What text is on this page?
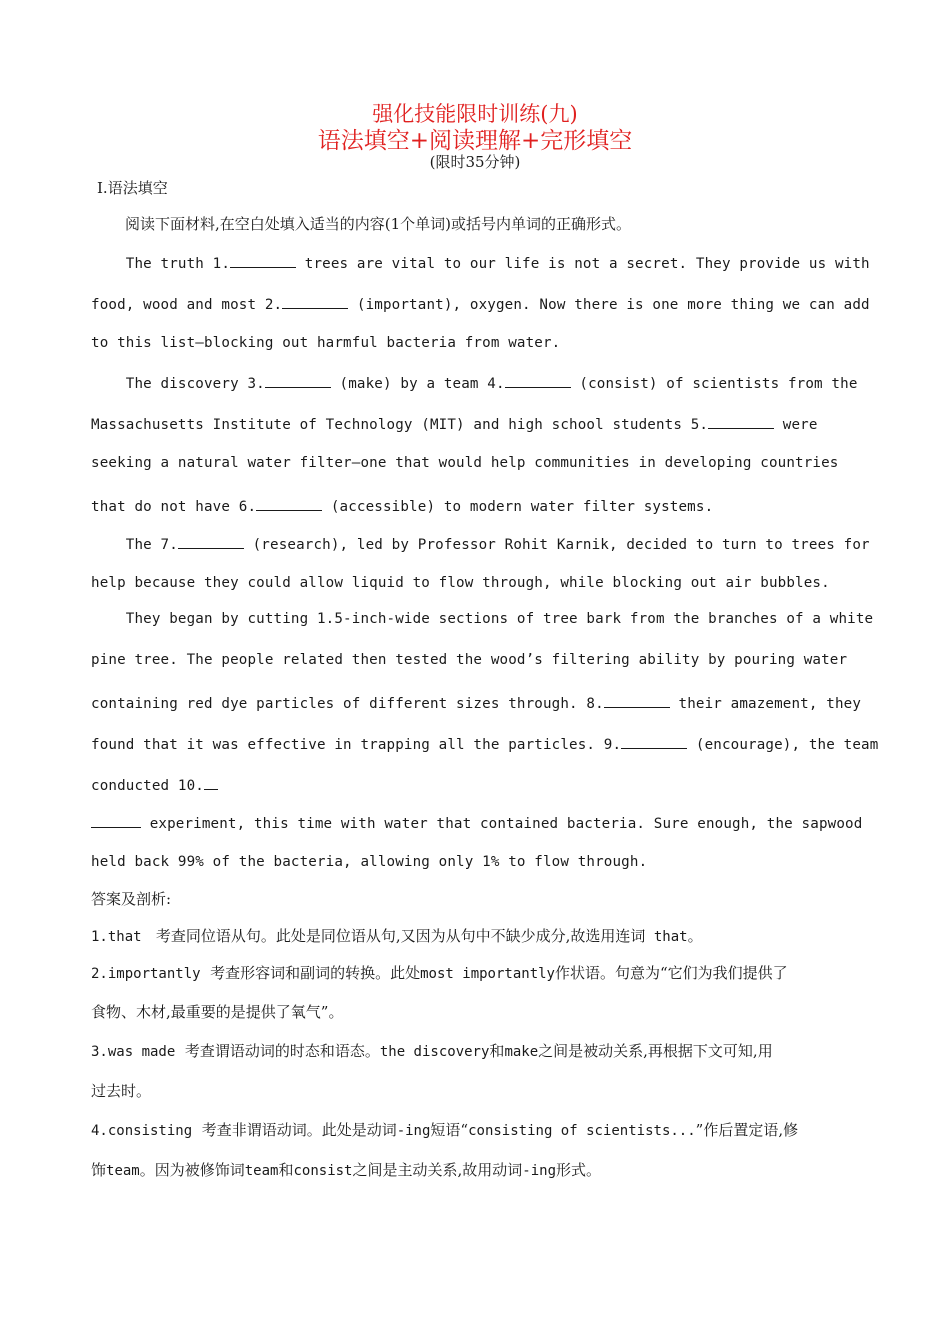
强化技能限时训练(九)
语法填空+阅读理解+完形填空
(限时35分钟)
Ⅰ.语法填空
阅读下面材料,在空白处填入适当的内容(1个单词)或括号内单词的正确形式。
The truth 1.	trees are vital to our life is not a secret. They provide us with
food, wood and most 2.	(important), oxygen. Now there is one more thing we can add
to this list—blocking out harmful bacteria from water.
The discovery 3.	(make) by a team 4.	(consist) of scientists from the
Massachusetts Institute of Technology (MIT) and high school students 5.	were
seeking a natural water filter—one that would help communities in developing countries
that do not have 6.	(accessible) to modern water filter systems.
The 7.	(research), led by Professor Rohit Karnik, decided to turn to trees for
help because they could allow liquid to flow through, while blocking out air bubbles.
They began by cutting 1.5-inch-wide sections of tree bark from the branches of a white
pine tree. The people related then tested the wood’s filtering ability by pouring water
containing red dye particles of different sizes through. 8.	their amazement, they
found that it was effective in trapping all the particles. 9.	(encourage), the team
conducted 10.
experiment, this time with water that contained bacteria. Sure enough, the sapwood
held back 99% of the bacteria, allowing only 1% to flow through.
答案及剖析:
1.that   考查同位语从句。此处是同位语从句,又因为从句中不缺少成分,故选用连词 that。
2.importantly  考查形容词和副词的转换。此处most importantly作状语。句意为“它们为我们提供了
食物、木材,最重要的是提供了氧气”。
3.was made  考查谓语动词的时态和语态。the discovery和make之间是被动关系,再根据下文可知,用
过去时。
4.consisting  考查非谓语动词。此处是动词-ing短语“consisting of scientists...”作后置定语,修
饰team。因为被修饰词team和consist之间是主动关系,故用动词-ing形式。
